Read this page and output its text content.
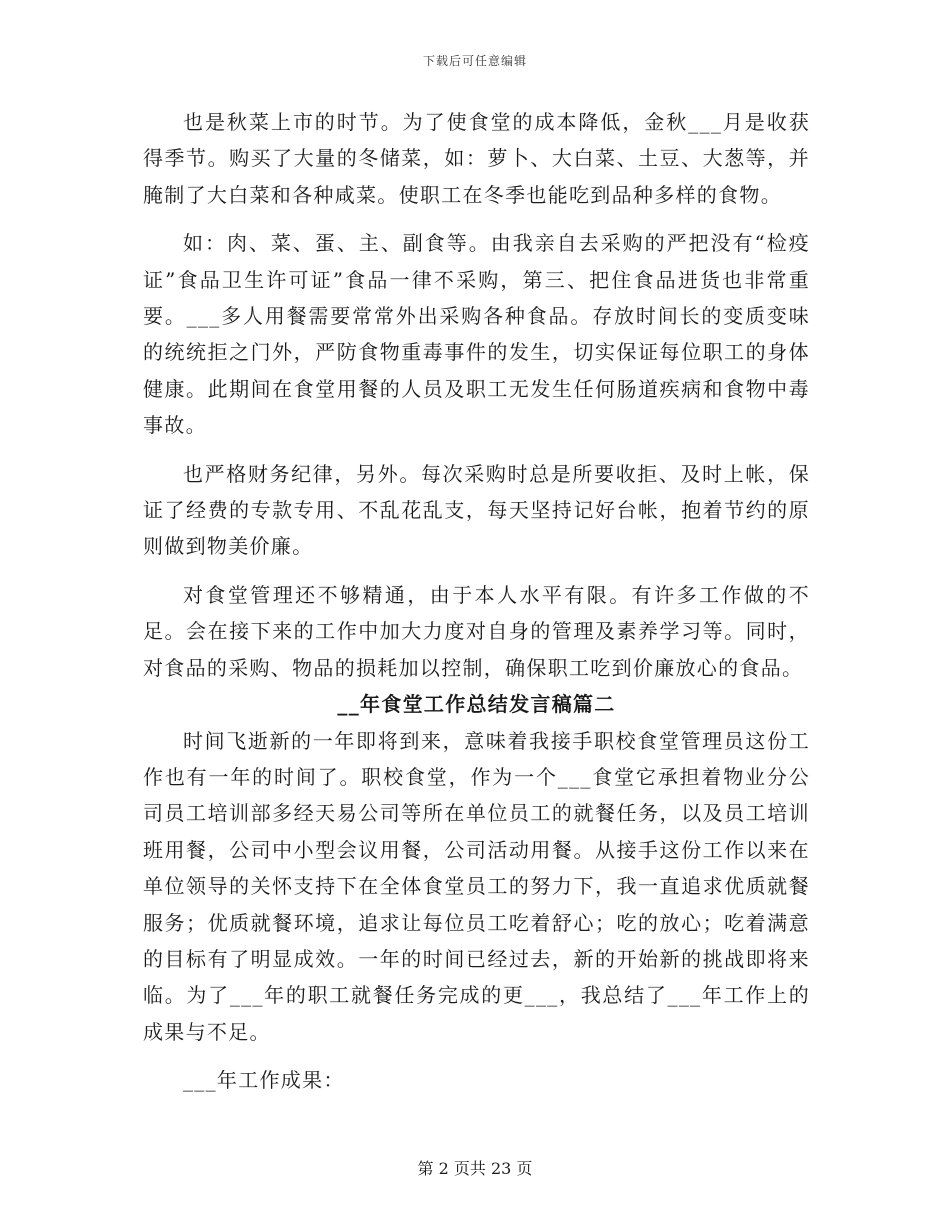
下载后可任意编辑

也是秋菜上市的时节。为了使食堂的成本降低，金秋___月是收获得季节。购买了大量的冬储菜，如：萝卜、大白菜、土豆、大葱等，并腌制了大白菜和各种咸菜。使职工在冬季也能吃到品种多样的食物。

如：肉、菜、蛋、主、副食等。由我亲自去采购的严把没有“检疫证”食品卫生许可证”食品一律不采购，第三、把住食品进货也非常重要。___多人用餐需要常常外出采购各种食品。存放时间长的变质变味的统统拒之门外，严防食物重毒事件的发生，切实保证每位职工的身体健康。此期间在食堂用餐的人员及职工无发生任何肠道疾病和食物中毒事故。

也严格财务纪律，另外。每次采购时总是所要收拒、及时上帐，保证了经费的专款专用、不乱花乱支，每天坚持记好台帐，抱着节约的原则做到物美价廉。

对食堂管理还不够精通，由于本人水平有限。有许多工作做的不足。会在接下来的工作中加大力度对自身的管理及素养学习等。同时，对食品的采购、物品的损耗加以控制，确保职工吃到价廉放心的食品。

__年食堂工作总结发言稿篇二

时间飞逝新的一年即将到来，意味着我接手职校食堂管理员这份工作也有一年的时间了。职校食堂，作为一个___食堂它承担着物业分公司员工培训部多经天易公司等所在单位员工的就餐任务，以及员工培训班用餐，公司中小型会议用餐，公司活动用餐。从接手这份工作以来在单位领导的关怀支持下在全体食堂员工的努力下，我一直追求优质就餐服务；优质就餐环境，追求让每位员工吃着舒心；吃的放心；吃着满意的目标有了明显成效。一年的时间已经过去，新的开始新的挑战即将来临。为了___年的职工就餐任务完成的更___，我总结了___年工作上的成果与不足。

___年工作成果：

第 2 页共 23 页
